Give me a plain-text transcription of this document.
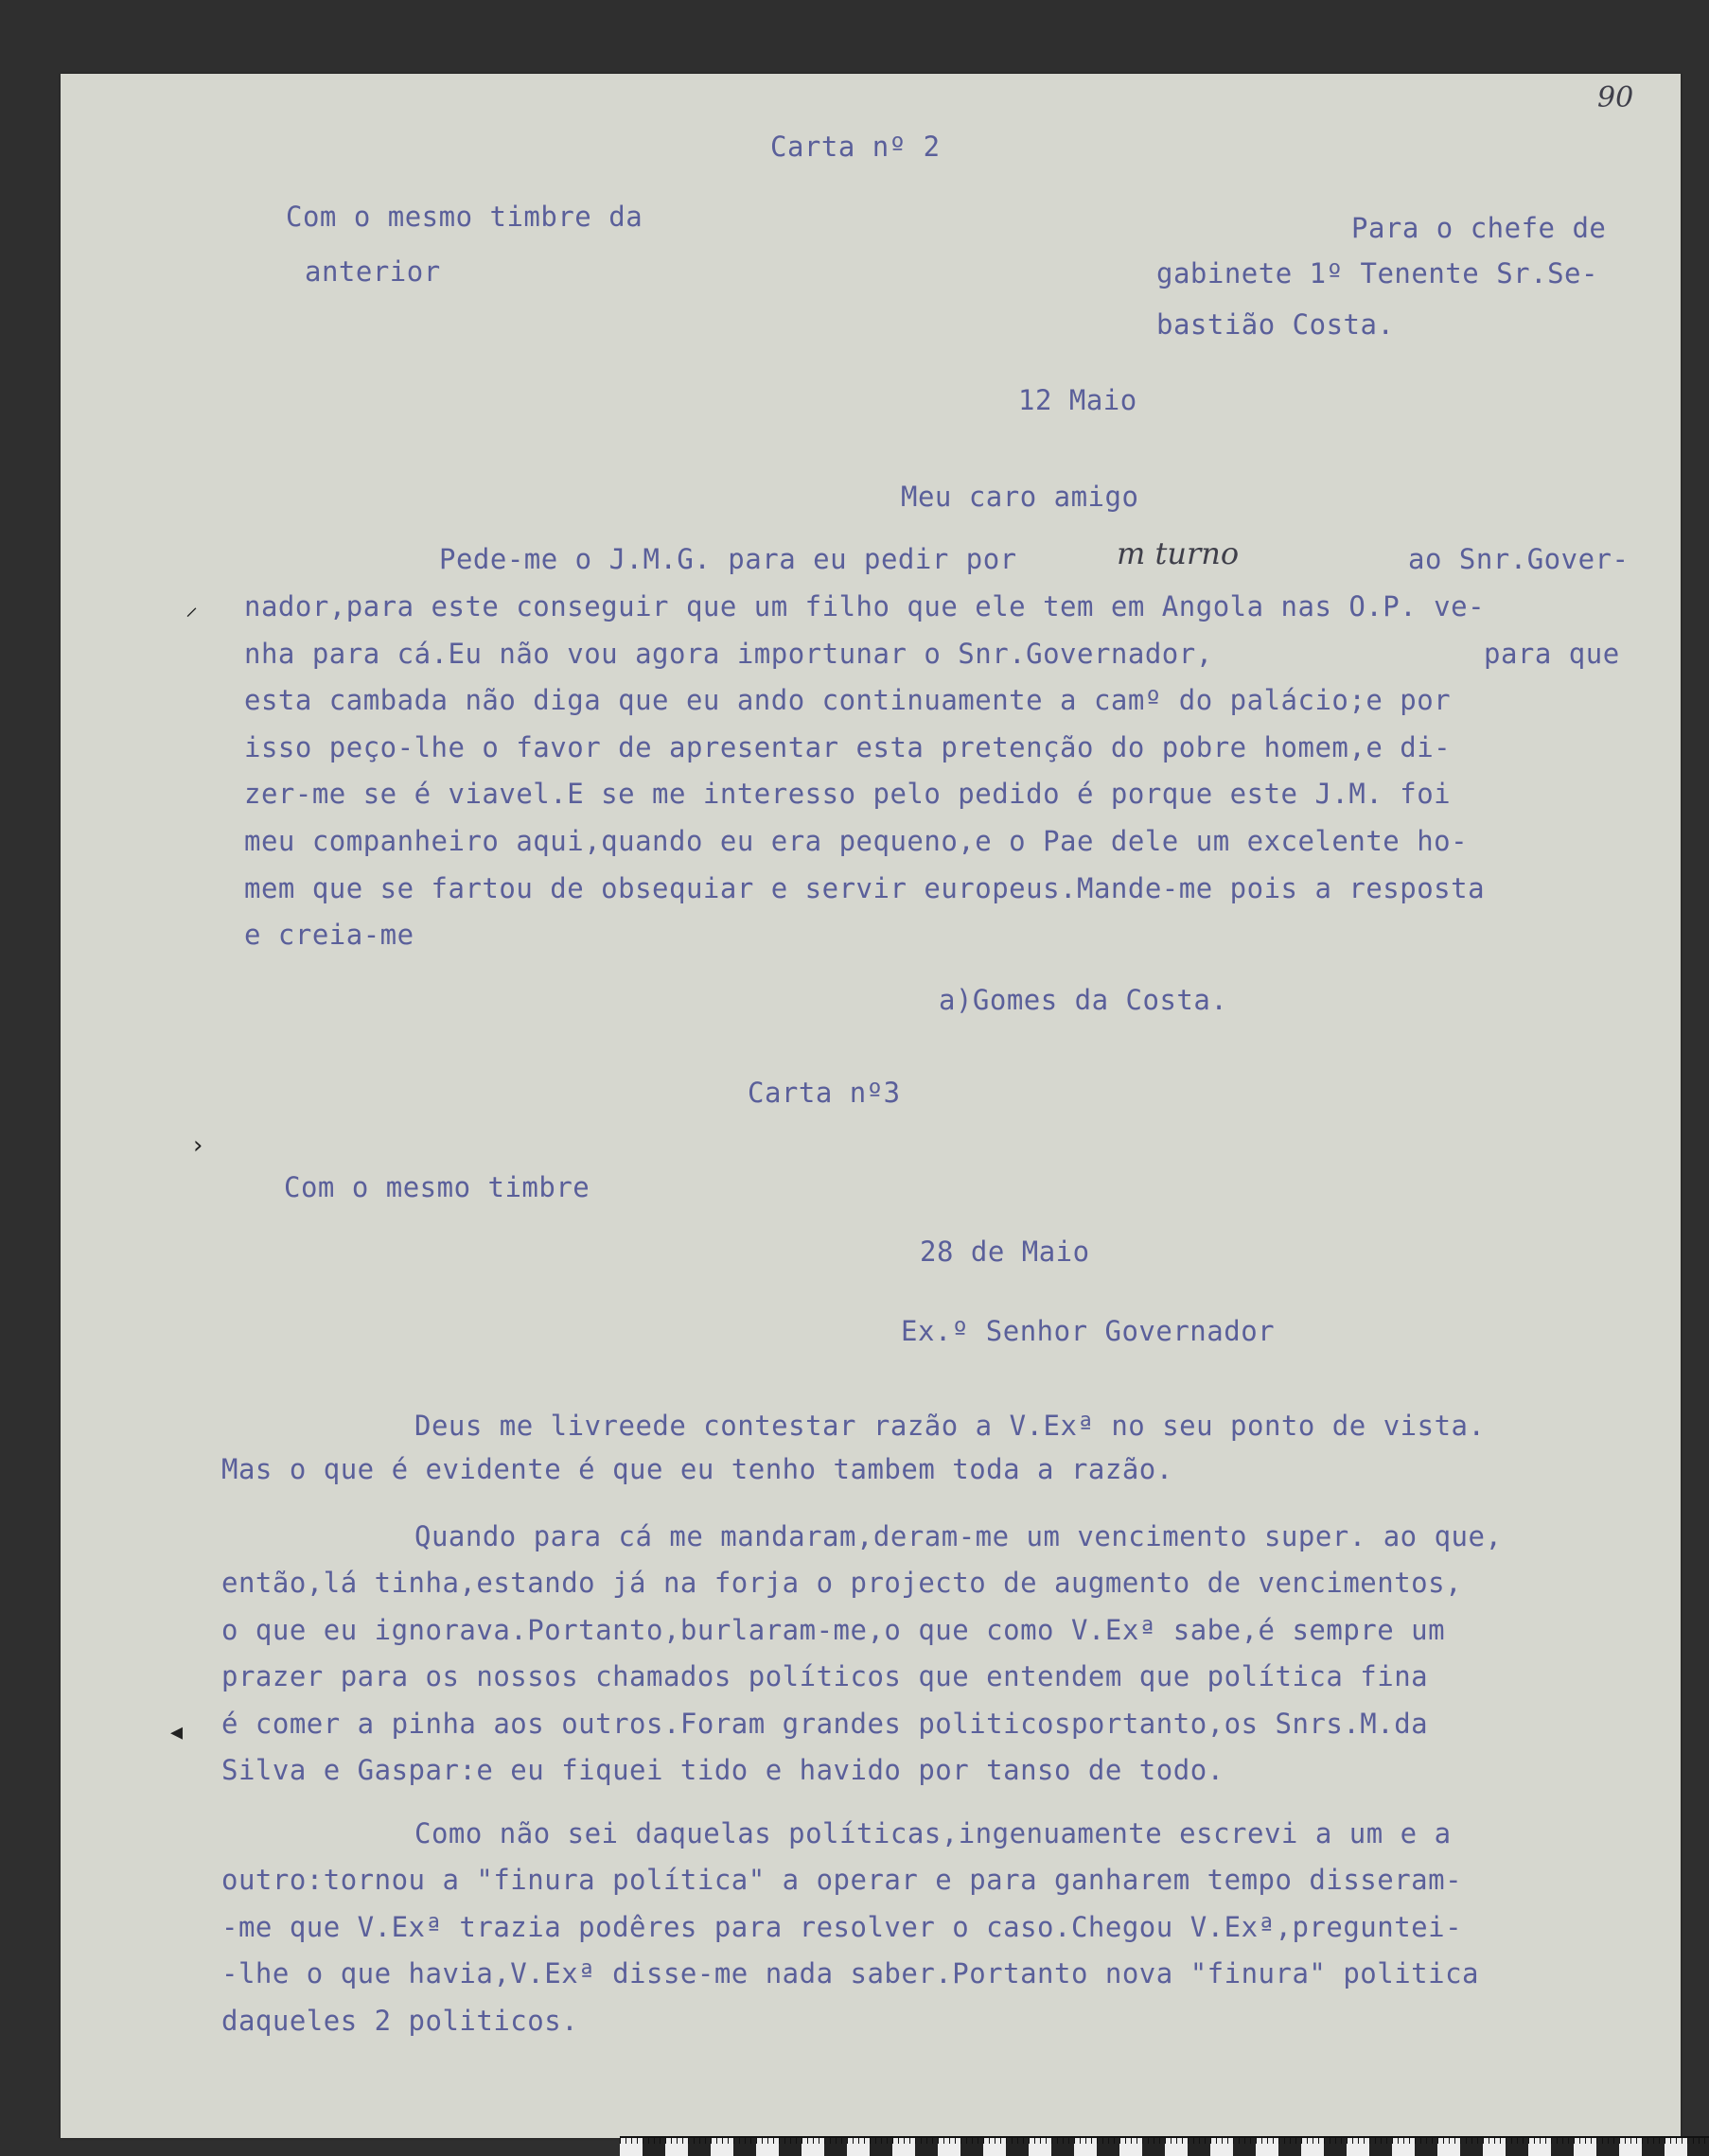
90
Carta nº 2
Com o mesmo timbre da
anterior
Para o chefe de
gabinete 1º Tenente Sr.Se-
bastião Costa.
12 Maio
Meu caro amigo
Pede-me o J.M.G. para eu pedir por	m turno	ao Snr.Gover-
nador,para este conseguir que um filho que ele tem em Angola nas O.P. ve-
nha para cá.Eu não vou agora importunar o Snr.Governador,	para que
esta cambada não diga que eu ando continuamente a camº do palácio;e por
isso peço-lhe o favor de apresentar esta pretenção do pobre homem,e di-
zer-me se é viavel.E se me interesso pelo pedido é porque este J.M. foi
meu companheiro aqui,quando eu era pequeno,e o Pae dele um excelente ho-
mem que se fartou de obsequiar e servir europeus.Mande-me pois a resposta
e creia-me
a)Gomes da Costa.
Carta nº3
Com o mesmo timbre
28 de Maio
Ex.º Senhor Governador
Deus me livreede contestar razão a V.Exª no seu ponto de vista.
Mas o que é evidente é que eu tenho tambem toda a razão.
Quando para cá me mandaram,deram-me um vencimento super. ao que,
então,lá tinha,estando já na forja o projecto de augmento de vencimentos,
o que eu ignorava.Portanto,burlaram-me,o que como V.Exª sabe,é sempre um
prazer para os nossos chamados políticos que entendem que política fina
é comer a pinha aos outros.Foram grandes politicosportanto,os Snrs.M.da
Silva e Gaspar:e eu fiquei tido e havido por tanso de todo.
Como não sei daquelas políticas,ingenuamente escrevi a um e a
outro:tornou a "finura política" a operar e para ganharem tempo disseram-
-me que V.Exª trazia podêres para resolver o caso.Chegou V.Exª,preguntei-
-lhe o que havia,V.Exª disse-me nada saber.Portanto nova "finura" politica
daqueles 2 politicos.
⸝
›
◂
